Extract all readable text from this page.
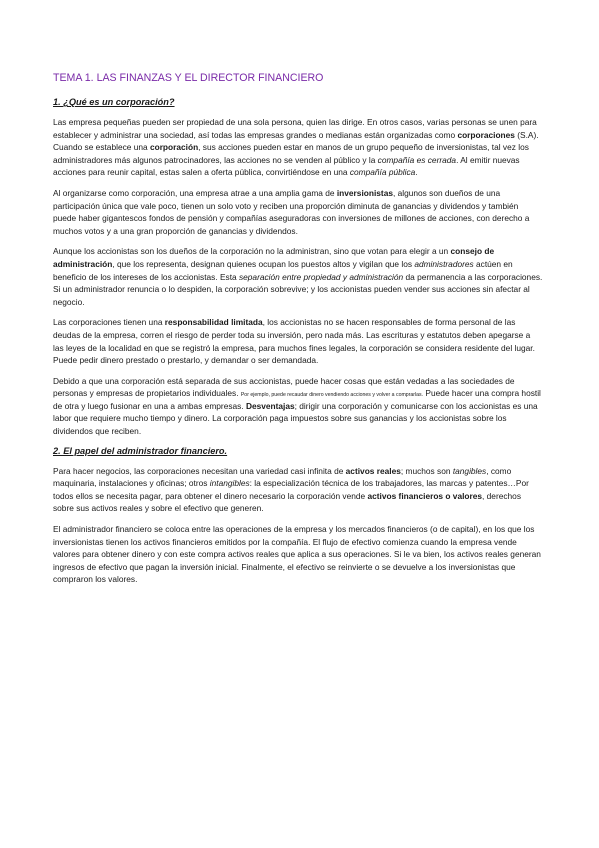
TEMA 1. LAS FINANZAS Y EL DIRECTOR FINANCIERO
1. ¿Qué es un corporación?

Las empresa pequeñas pueden ser propiedad de una sola persona, quien las dirige. En otros casos, varias personas se unen para establecer y administrar una sociedad, así todas las empresas grandes o medianas están organizadas como corporaciones (S.A). Cuando se establece una corporación, sus acciones pueden estar en manos de un grupo pequeño de inversionistas, tal vez los administradores más algunos patrocinadores, las acciones no se venden al público y la compañía es cerrada. Al emitir nuevas acciones para reunir capital, estas salen a oferta pública, convirtiéndose en una compañía pública.

Al organizarse como corporación, una empresa atrae a una amplia gama de inversionistas, algunos son dueños de una participación única que vale poco, tienen un solo voto y reciben una proporción diminuta de ganancias y dividendos y también puede haber gigantescos fondos de pensión y compañías aseguradoras con inversiones de millones de acciones, con derecho a muchos votos y a una gran proporción de ganancias y dividendos.

Aunque los accionistas son los dueños de la corporación no la administran, sino que votan para elegir a un consejo de administración, que los representa, designan quienes ocupan los puestos altos y vigilan que los administradores actúen en beneficio de los intereses de los accionistas. Esta separación entre propiedad y administración da permanencia a las corporaciones. Si un administrador renuncia o lo despiden, la corporación sobrevive; y los accionistas pueden vender sus acciones sin afectar al negocio.

Las corporaciones tienen una responsabilidad limitada, los accionistas no se hacen responsables de forma personal de las deudas de la empresa, corren el riesgo de perder toda su inversión, pero nada más. Las escrituras y estatutos deben apegarse a las leyes de la localidad en que se registró la empresa, para muchos fines legales, la corporación se considera residente del lugar. Puede pedir dinero prestado o prestarlo, y demandar o ser demandada.

Debido a que una corporación está separada de sus accionistas, puede hacer cosas que están vedadas a las sociedades de personas y empresas de propietarios individuales. Por ejemplo, puede recaudar dinero vendiendo acciones y volver a comprarlas. Puede hacer una compra hostil de otra y luego fusionar en una a ambas empresas. Desventajas; dirigir una corporación y comunicarse con los accionistas es una labor que requiere mucho tiempo y dinero. La corporación paga impuestos sobre sus ganancias y los accionistas sobre los dividendos que reciben.

2. El papel del administrador financiero.

Para hacer negocios, las corporaciones necesitan una variedad casi infinita de activos reales; muchos son tangibles, como maquinaria, instalaciones y oficinas; otros intangibles: la especialización técnica de los trabajadores, las marcas y patentes…Por todos ellos se necesita pagar, para obtener el dinero necesario la corporación vende activos financieros o valores, derechos sobre sus activos reales y sobre el efectivo que generen.

El administrador financiero se coloca entre las operaciones de la empresa y los mercados financieros (o de capital), en los que los inversionistas tienen los activos financieros emitidos por la compañía. El flujo de efectivo comienza cuando la empresa vende valores para obtener dinero y con este compra activos reales que aplica a sus operaciones. Si le va bien, los activos reales generan ingresos de efectivo que pagan la inversión inicial. Finalmente, el efectivo se reinvierte o se devuelve a los inversionistas que compraron los valores.
